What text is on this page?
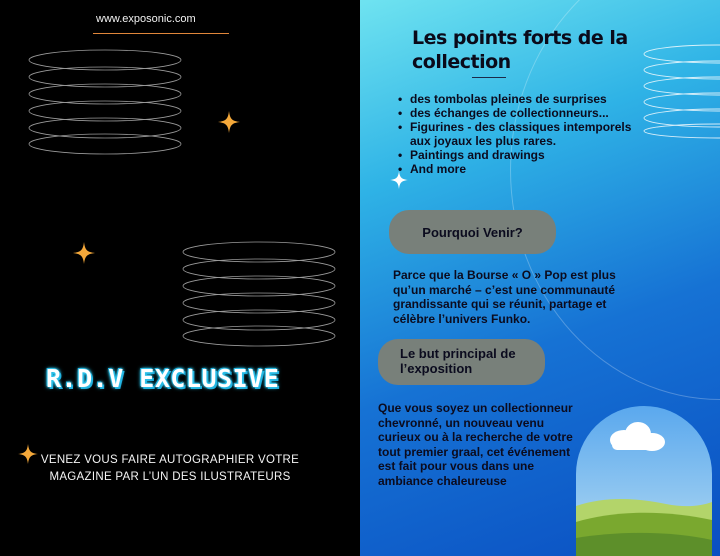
www.exposonic.com
R.D.V EXCLUSIVE
VENEZ VOUS FAIRE AUTOGRAPHIER VOTRE
MAGAZINE PAR L’UN DES ILUSTRATEURS
Les points forts de la collection
• des tombolas pleines de surprises
• des échanges de collectionneurs...
• Figurines - des classiques intemporels aux joyaux les plus rares.
• Paintings and drawings
• And more
Pourquoi Venir?
Parce que la Bourse « O » Pop est plus qu’un marché – c’est une communauté grandissante qui se réunit, partage et célèbre l’univers Funko.
Le but principal de l’exposition
Que vous soyez un collectionneur chevronné, un nouveau venu curieux ou à la recherche de votre tout premier graal, cet événement est fait pour vous dans une ambiance chaleureuse
